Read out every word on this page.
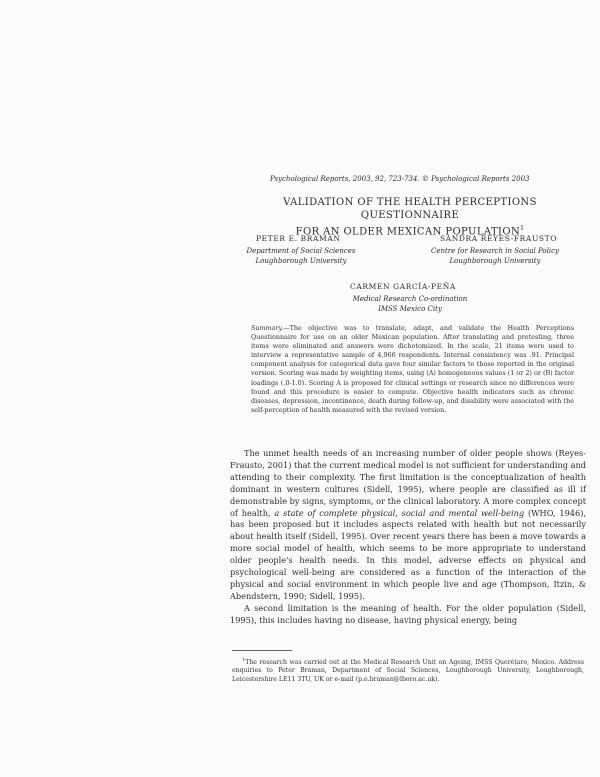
Psychological Reports, 2003, 92, 723-734. © Psychological Reports 2003
VALIDATION OF THE HEALTH PERCEPTIONS QUESTIONNAIRE
FOR AN OLDER MEXICAN POPULATION$^1$
PETER E. BRAMAN
Department of Social Sciences
Loughborough University
SANDRA REYES-FRAUSTO
Centre for Research in Social Policy
Loughborough University
CARMEN GARCÍA-PEÑA
Medical Research Co-ordination
IMSS Mexico City
Summary.—The objective was to translate, adapt, and validate the Health Perceptions Questionnaire for use on an older Mexican population. After translating and pretesting, three items were eliminated and answers were dichotomized. In the scale, 21 items were used to interview a representative sample of 4,966 respondents. Internal consistency was .91. Principal component analysis for categorical data gave four similar factors to those reported in the original version. Scoring was made by weighting items, using (A) homogeneous values (1 or 2) or (B) factor loadings (.0-1.0). Scoring A is proposed for clinical settings or research since no differences were found and this procedure is easier to compute. Objective health indicators such as chronic diseases, depression, incontinence, death during follow-up, and disability were associated with the self-perception of health measured with the revised version.

The unmet health needs of an increasing number of older people shows (Reyes-Frausto, 2001) that the current medical model is not sufficient for understanding and attending to their complexity. The first limitation is the conceptualization of health dominant in western cultures (Sidell, 1995), where people are classified as ill if demonstrable by signs, symptoms, or the clinical laboratory. A more complex concept of health, a state of complete physical, social and mental well-being (WHO, 1946), has been proposed but it includes aspects related with health but not necessarily about health itself (Sidell, 1995). Over recent years there has been a move towards a more social model of health, which seems to be more appropriate to understand older people's health needs. In this model, adverse effects on physical and psychological well-being are considered as a function of the interaction of the physical and social environment in which people live and age (Thompson, Itzin, & Abendstern, 1990; Sidell, 1995).

A second limitation is the meaning of health. For the older population (Sidell, 1995), this includes having no disease, having physical energy, being

$^1$The research was carried out at the Medical Research Unit on Ageing, IMSS Querétaro, Mexico. Address enquiries to Peter Braman, Department of Social Sciences, Loughborough University, Loughborough, Leicestershire LE11 3TU, UK or e-mail (p.e.braman@lboro.ac.uk).
